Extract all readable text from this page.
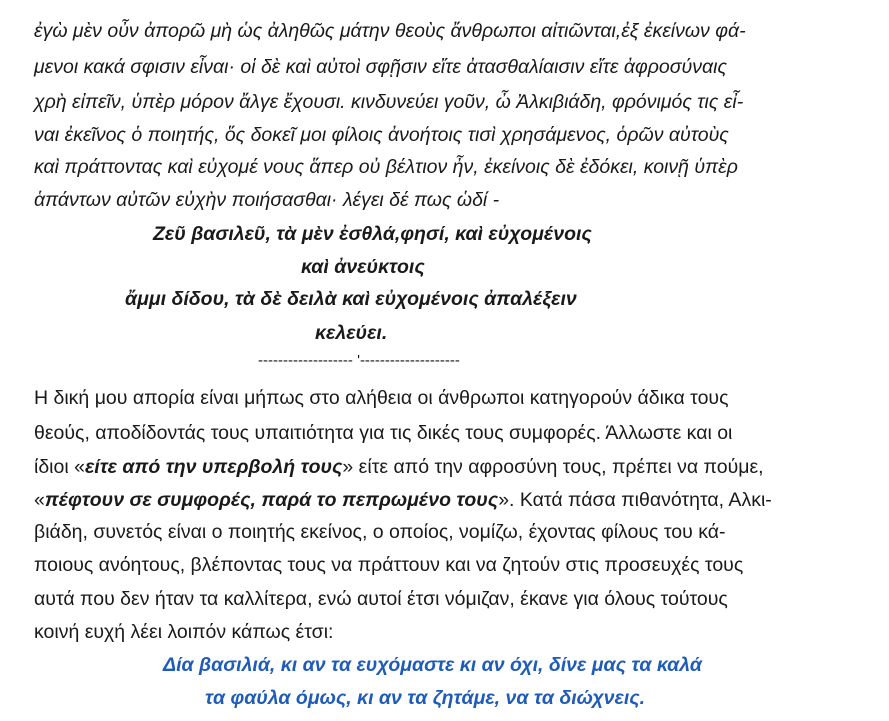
ἐγὼ μὲν οὖν ἀπορῶ μὴ ὡς ἀληθῶς μάτην θεοὺς ἄνθρωποι αἰτιῶνται,ἐξ ἐκείνων φά-
μενοι κακά σφισιν εἶναι· οἱ δὲ καὶ αὐτοὶ σφῇσιν εἴτε ἀτασθαλίαισιν εἴτε ἀφροσύναις
χρὴ εἰπεῖν, ὑπὲρ μόρον ἄλγε ἔχουσι. κινδυνεύει γοῦν, ὦ Ἀλκιβιάδη, φρόνιμός τις εἶ-
ναι ἐκεῖνος ὁ ποιητής, ὅς δοκεῖ μοι φίλοις ἀνοήτοις τισὶ χρησάμενος, ὁρῶν αὐτοὺς
καὶ πράττοντας καὶ εὐχομέ νους ἅπερ οὐ βέλτιον ἦν, ἐκείνοις δὲ ἐδόκει, κοινῇ ὑπὲρ
ἁπάντων αὐτῶν εὐχὴν ποιήσασθαι· λέγει δέ πως ὡδί -
Ζεῦ βασιλεῦ, τὰ μὲν ἐσθλά,φησί, καὶ εὐχομένοις
καὶ ἀνεύκτοις
ἄμμι δίδου, τὰ δὲ δειλὰ καὶ εὐχομένοις ἀπαλέξειν
κελεύει.
------------------- '--------------------
Η δική μου απορία είναι μήπως στο αλήθεια οι άνθρωποι κατηγορούν άδικα τους
θεούς, αποδίδοντάς τους υπαιτιότητα για τις δικές τους συμφορές. Άλλωστε και οι
ίδιοι «είτε από την υπερβολή τους» είτε από την αφροσύνη τους, πρέπει να πούμε,
«πέφτουν σε συμφορές, παρά το πεπρωμένο τους». Κατά πάσα πιθανότητα, Αλκι-
βιάδη, συνετός είναι ο ποιητής εκείνος, ο οποίος, νομίζω, έχοντας φίλους του κά-
ποιους ανόητους, βλέποντας τους να πράττουν και να ζητούν στις προσευχές τους
αυτά που δεν ήταν τα καλλίτερα, ενώ αυτοί έτσι νόμιζαν, έκανε για όλους τούτους
κοινή ευχή λέει λοιπόν κάπως έτσι:
Δία βασιλιά, κι αν τα ευχόμαστε κι αν όχι, δίνε μας τα καλά
τα φαύλα όμως, κι αν τα ζητάμε, να τα διώχνεις.
